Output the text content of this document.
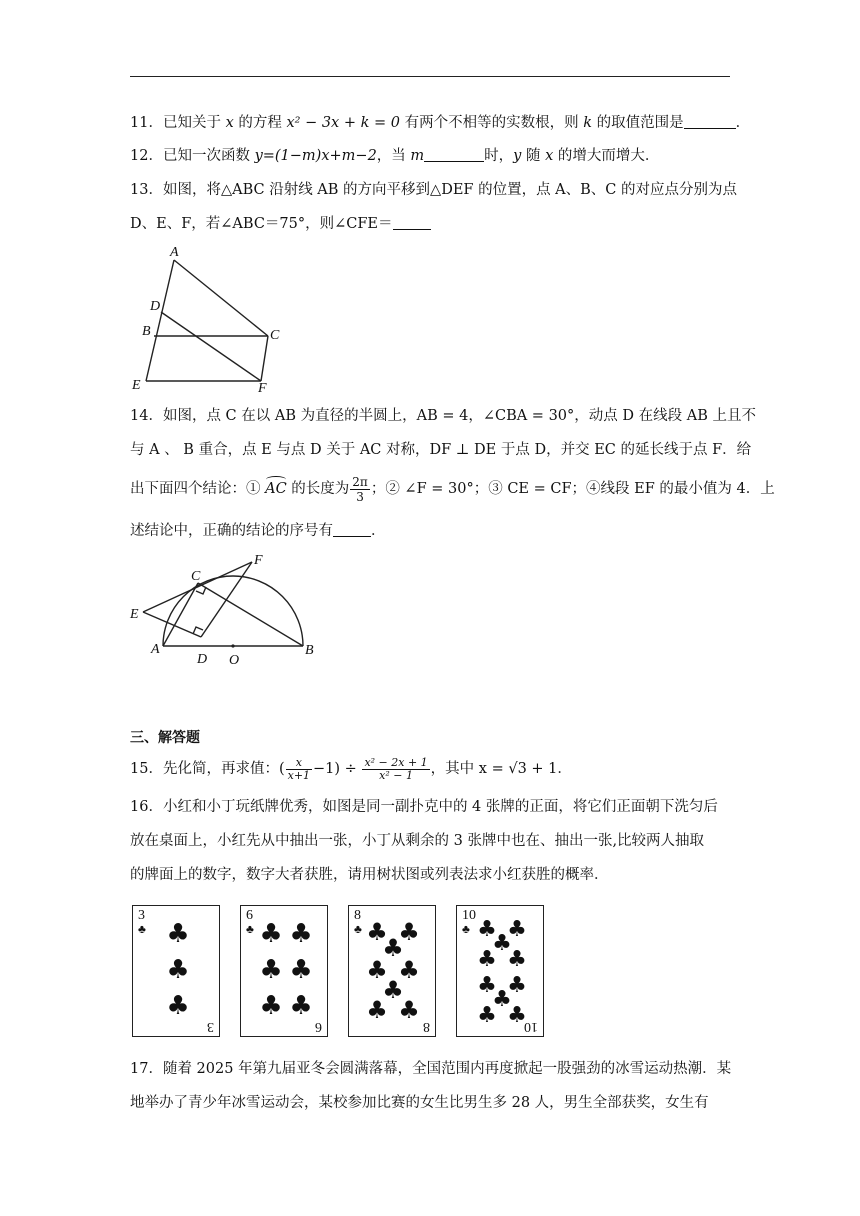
11．已知关于 x 的方程 x² − 3x + k = 0 有两个不相等的实数根，则 k 的取值范围是	．
12．已知一次函数 y=(1−m)x+m−2，当 m	时，y 随 x 的增大而增大．
13．如图，将△ABC 沿射线 AB 的方向平移到△DEF 的位置，点 A、B、C 的对应点分别为点
D、E、F，若∠ABC＝75°，则∠CFE＝
A
D
B	C
E	F
14．如图，点 C 在以 AB 为直径的半圆上，AB = 4，∠CBA = 30°，动点 D 在线段 AB 上且不
与 A 、 B 重合，点 E 与点 D 关于 AC 对称，DF ⊥ DE 于点 D，并交 EC 的延长线于点 F．给
出下面四个结论：①
AC 的长度为 $\frac{2\pi}{3}$ ；② ∠F = 30°；③ CE = CF；④线段 EF 的最小值为 4．上
述结论中，正确的结论的序号有	．
C
F
E
A
D O
B
三、解答题
15．先化简，再求值：( $\frac{x}{x+1} -1) \div \frac{\text{x² − 2x + 1}}{\text{x² − 1}}$ ，其中 x = √3 + 1．
16．小红和小丁玩纸牌优秀，如图是同一副扑克中的 4 张牌的正面，将它们正面朝下洗匀后
放在桌面上，小红先从中抽出一张，小丁从剩余的 3 张牌中也在、抽出一张,比较两人抽取
的牌面上的数字，数字大者获胜，请用树状图或列表法求小红获胜的概率．
3
♣
3
♣
♣
♣
6
♣
6
♣ ♣
♣ ♣
♣ ♣
8
♣
8
♣ ♣
♣
♣ ♣
♣
♣ ♣
10
♣
10
♣ ♣
♣
♣ ♣
♣ ♣
♣
♣ ♣
17．随着 2025 年第九届亚冬会圆满落幕，全国范围内再度掀起一股强劲的冰雪运动热潮．某
地举办了青少年冰雪运动会，某校参加比赛的女生比男生多 28 人，男生全部获奖，女生有
